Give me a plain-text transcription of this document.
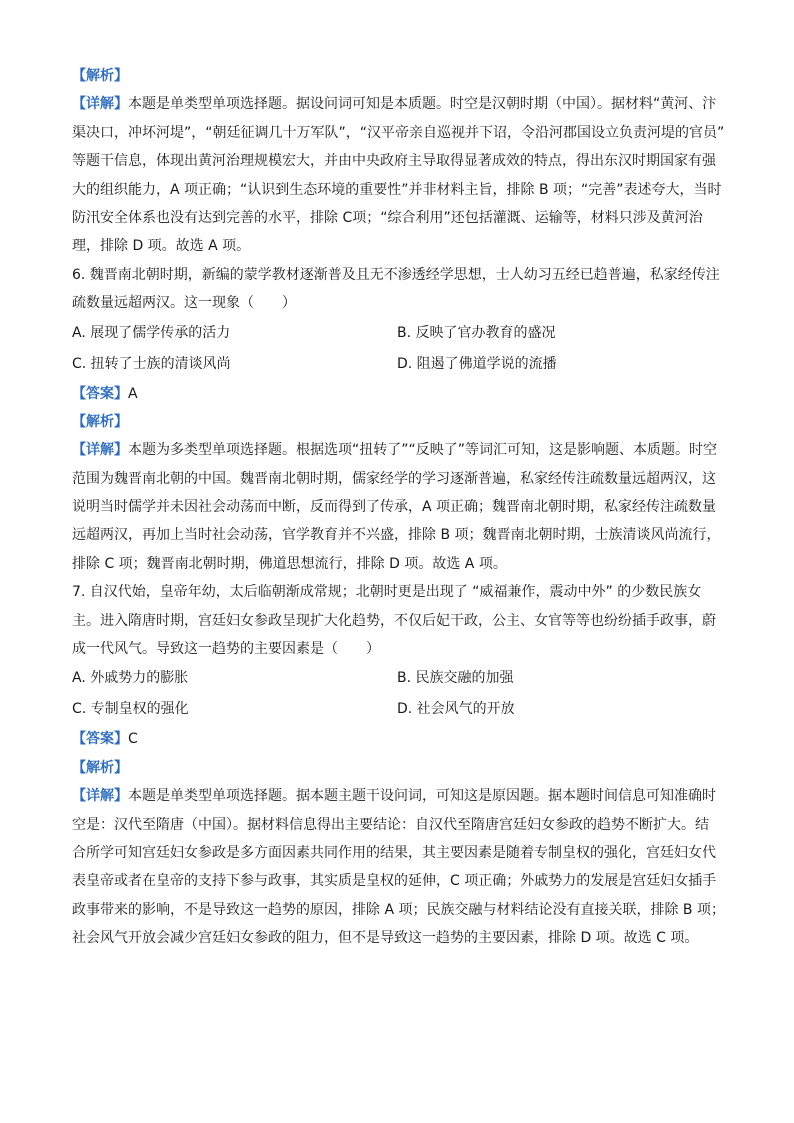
【解析】
【详解】本题是单类型单项选择题。据设问词可知是本质题。时空是汉朝时期（中国）。据材料“黄河、汴
渠决口，冲坏河堤”，“朝廷征调几十万军队”，“汉平帝亲自巡视并下诏，令沿河郡国设立负责河堤的官员”
等题干信息，体现出黄河治理规模宏大，并由中央政府主导取得显著成效的特点，得出东汉时期国家有强
大的组织能力，A 项正确；“认识到生态环境的重要性”并非材料主旨，排除 B 项；“完善”表述夸大，当时
防汛安全体系也没有达到完善的水平，排除 C项；“综合利用”还包括灌溉、运输等，材料只涉及黄河治
理，排除 D 项。故选 A 项。
6. 魏晋南北朝时期，新编的蒙学教材逐渐普及且无不渗透经学思想，士人幼习五经已趋普遍，私家经传注
疏数量远超两汉。这一现象（　　）
A. 展现了儒学传承的活力	B. 反映了官办教育的盛况
C. 扭转了士族的清谈风尚	D. 阻遏了佛道学说的流播
【答案】A
【解析】
【详解】本题为多类型单项选择题。根据选项“扭转了”“反映了”等词汇可知，这是影响题、本质题。时空
范围为魏晋南北朝的中国。魏晋南北朝时期，儒家经学的学习逐渐普遍，私家经传注疏数量远超两汉，这
说明当时儒学并未因社会动荡而中断，反而得到了传承，A 项正确；魏晋南北朝时期，私家经传注疏数量
远超两汉，再加上当时社会动荡，官学教育并不兴盛，排除 B 项；魏晋南北朝时期，士族清谈风尚流行，
排除 C 项；魏晋南北朝时期，佛道思想流行，排除 D 项。故选 A 项。
7. 自汉代始，皇帝年幼，太后临朝渐成常规；北朝时更是出现了 “威福兼作，震动中外” 的少数民族女
主。进入隋唐时期，宫廷妇女参政呈现扩大化趋势，不仅后妃干政，公主、女官等等也纷纷插手政事，蔚
成一代风气。导致这一趋势的主要因素是（　　）
A. 外戚势力的膨胀	B. 民族交融的加强
C. 专制皇权的强化	D. 社会风气的开放
【答案】C
【解析】
【详解】本题是单类型单项选择题。据本题主题干设问词，可知这是原因题。据本题时间信息可知准确时
空是：汉代至隋唐（中国）。据材料信息得出主要结论：自汉代至隋唐宫廷妇女参政的趋势不断扩大。结
合所学可知宫廷妇女参政是多方面因素共同作用的结果，其主要因素是随着专制皇权的强化，宫廷妇女代
表皇帝或者在皇帝的支持下参与政事，其实质是皇权的延伸，C 项正确；外戚势力的发展是宫廷妇女插手
政事带来的影响，不是导致这一趋势的原因，排除 A 项；民族交融与材料结论没有直接关联，排除 B 项；
社会风气开放会减少宫廷妇女参政的阻力，但不是导致这一趋势的主要因素，排除 D 项。故选 C 项。
